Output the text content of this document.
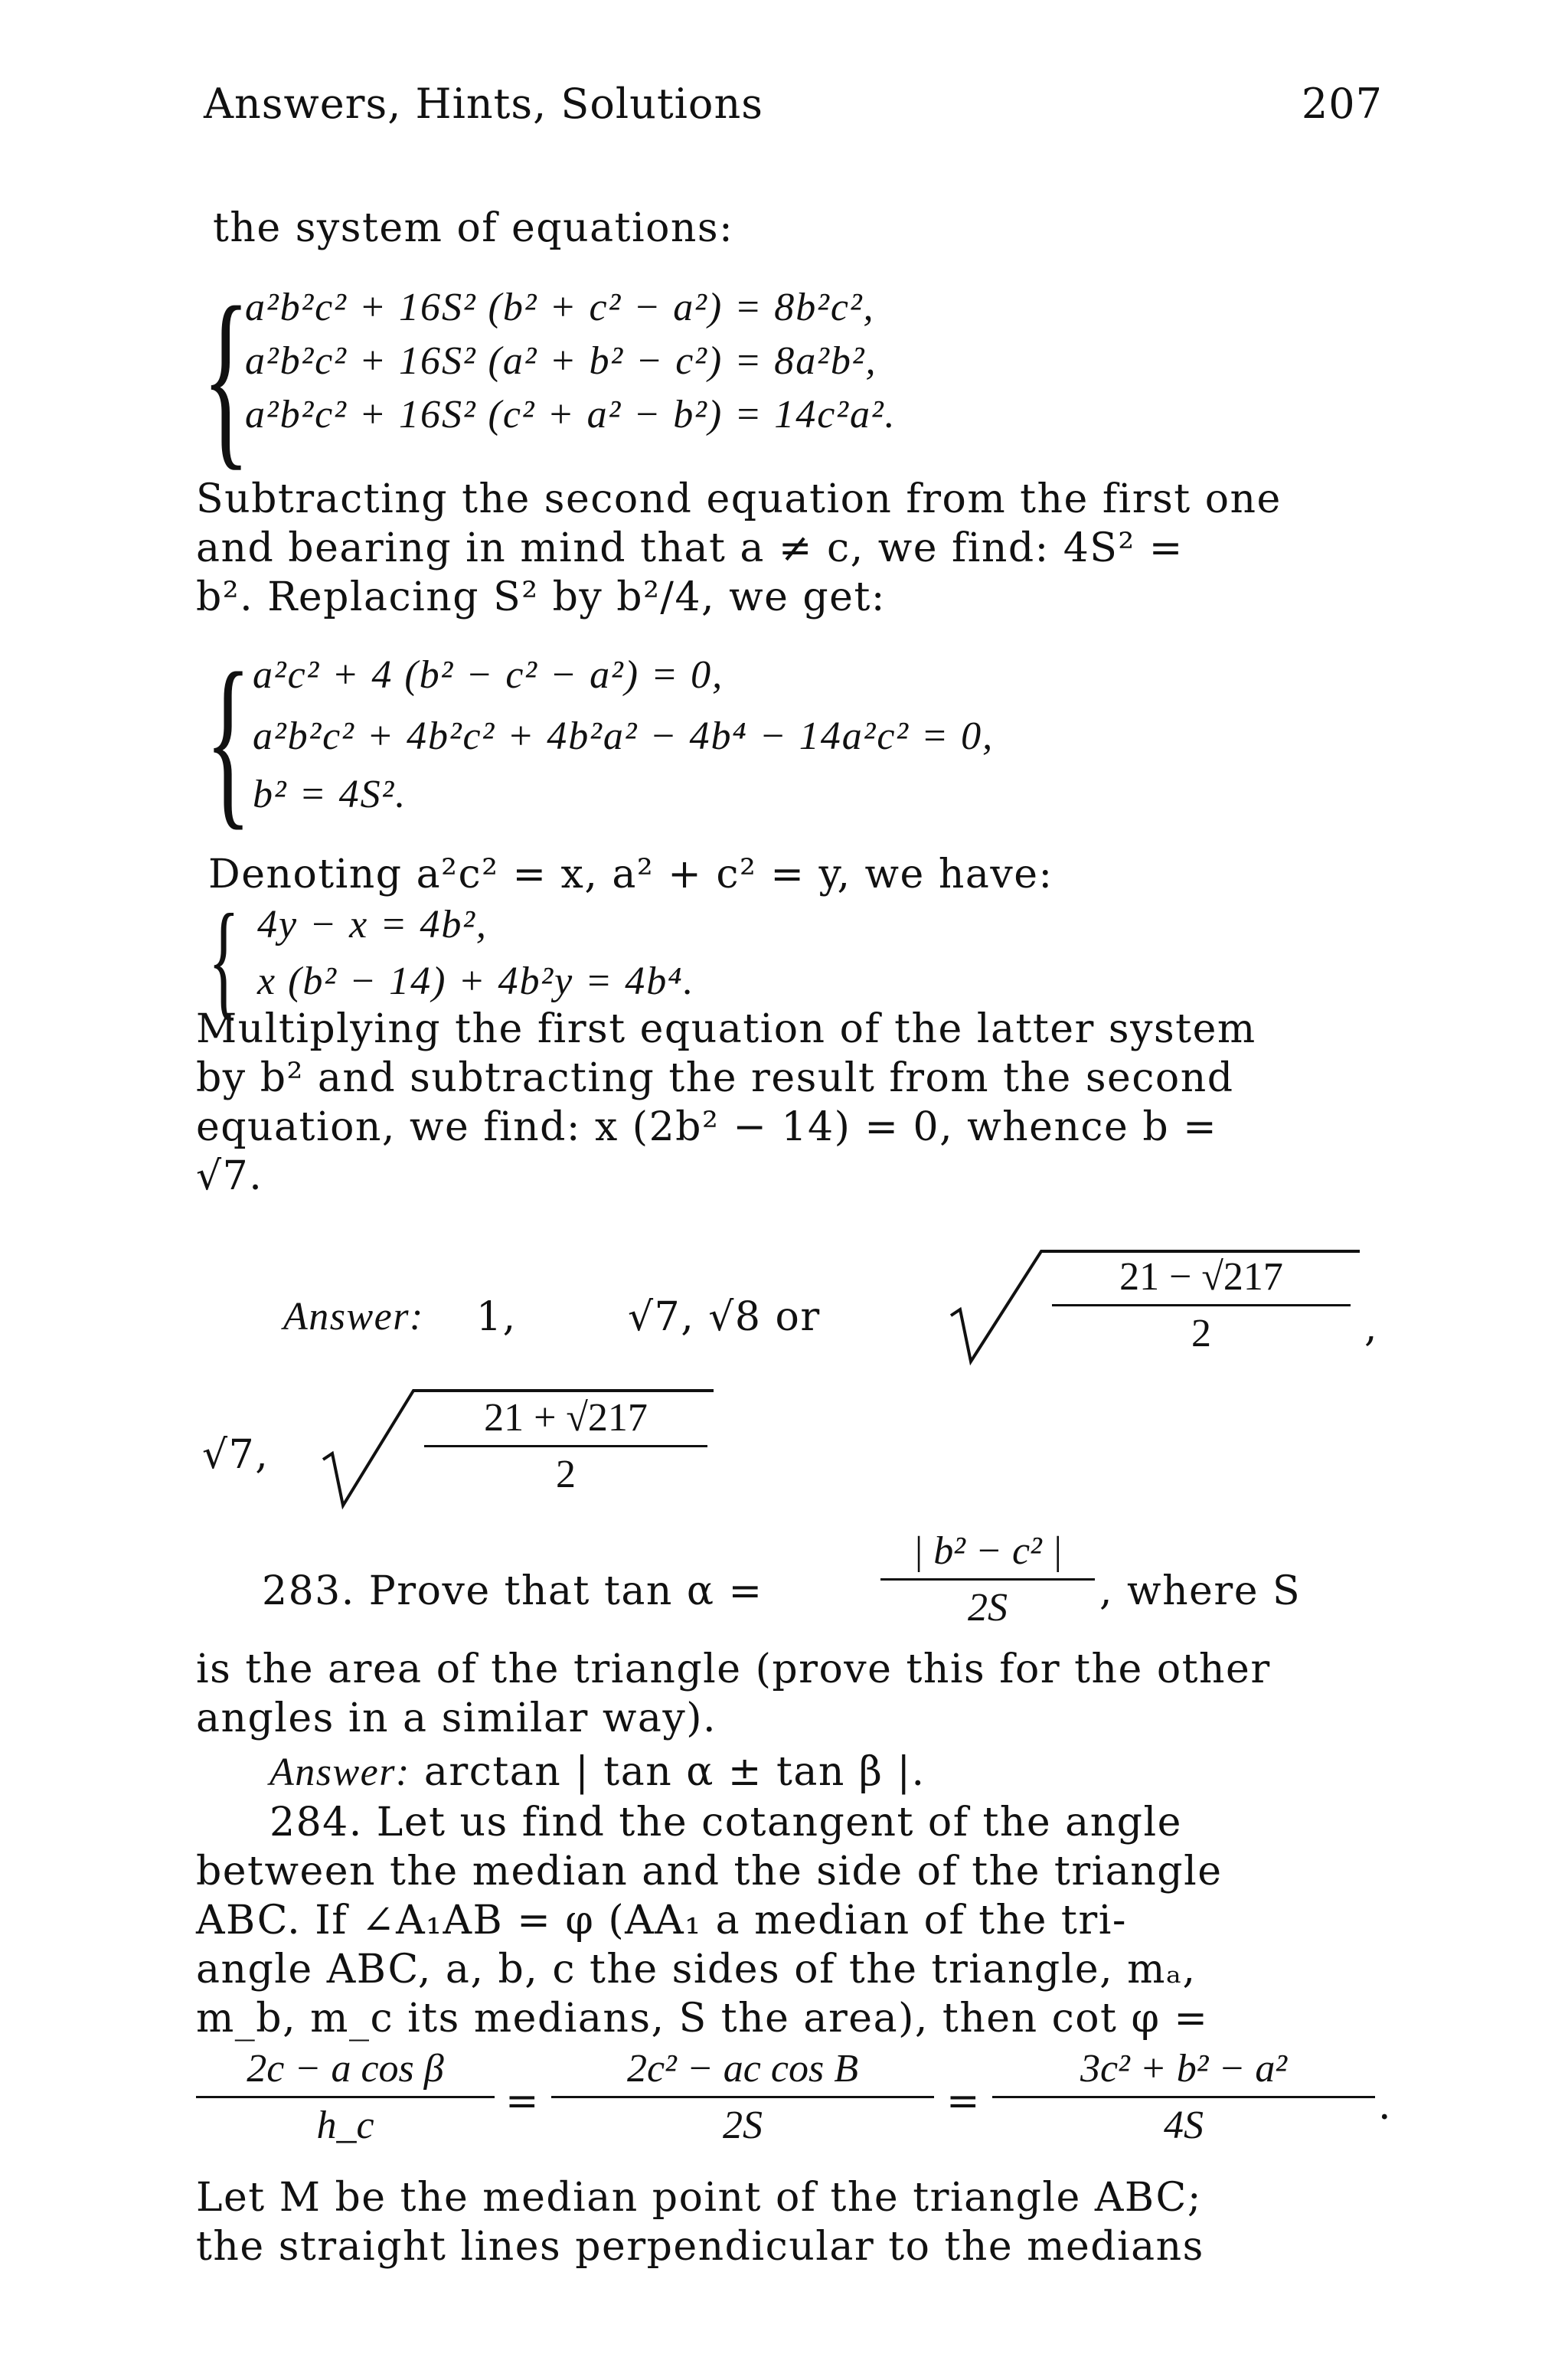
Answers, Hints, Solutions	207
the system of equations:
{
a²b²c² + 16S² (b² + c² − a²) = 8b²c²,
a²b²c² + 16S² (a² + b² − c²) = 8a²b²,
a²b²c² + 16S² (c² + a² − b²) = 14c²a².
Subtracting the second equation from the first one
and bearing in mind that a ≠ c, we find: 4S² =
b². Replacing S² by b²/4, we get:
{ a²c² + 4 (b² − c² − a²) = 0,
a²b²c² + 4b²c² + 4b²a² − 4b⁴ − 14a²c² = 0,
b² = 4S².
Denoting a²c² = x, a² + c² = y, we have:
{ 4y − x = 4b²,
x (b² − 14) + 4b²y = 4b⁴.
Multiplying the first equation of the latter system
by b² and subtracting the result from the second
equation, we find: x (2b² − 14) = 0, whence b =
√7.
Answer: 1,	√7, √8 or
21 − √217
2	,
√7,
21 + √217
2
283. Prove that tan α =
| b² − c² |
2S	, where S
is the area of the triangle (prove this for the other
angles in a similar way).
Answer: arctan | tan α ± tan β |.
284. Let us find the cotangent of the angle
between the median and the side of the triangle
ABC. If ∠A₁AB = φ (AA₁ a median of the tri-
angle ABC, a, b, c the sides of the triangle, mₐ,
m_b, m_c its medians, S the area), then cot φ =
2c − a cos β
h_c
=
2c² − ac cos B
2S
=
3c² + b² − a²
4S	.
Let M be the median point of the triangle ABC;
the straight lines perpendicular to the medians
